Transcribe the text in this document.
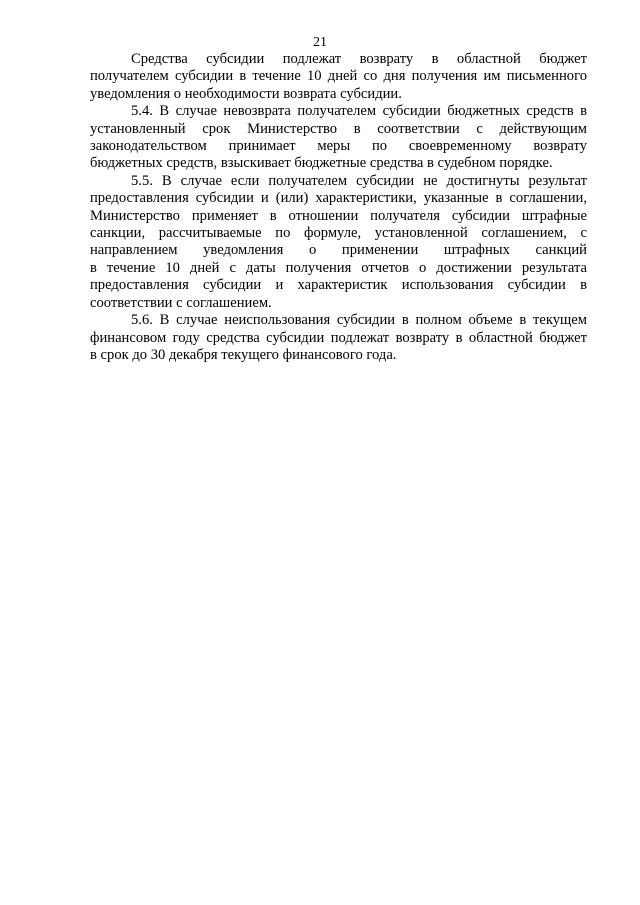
21

Средства субсидии подлежат возврату в областной бюджет
получателем субсидии в течение 10 дней со дня получения им письменного
уведомления о необходимости возврата субсидии.

5.4. В случае невозврата получателем субсидии бюджетных средств в
установленный срок Министерство в соответствии с действующим
законодательством принимает меры по своевременному возврату
бюджетных средств, взыскивает бюджетные средства в судебном порядке.

5.5. В случае если получателем субсидии не достигнуты результат
предоставления субсидии и (или) характеристики, указанные в соглашении,
Министерство применяет в отношении получателя субсидии штрафные
санкции, рассчитываемые по формуле, установленной соглашением, с
направлением уведомления о применении штрафных санкций
в течение 10 дней с даты получения отчетов о достижении результата
предоставления субсидии и характеристик использования субсидии в
соответствии с соглашением.

5.6. В случае неиспользования субсидии в полном объеме в текущем
финансовом году средства субсидии подлежат возврату в областной бюджет
в срок до 30 декабря текущего финансового года.
